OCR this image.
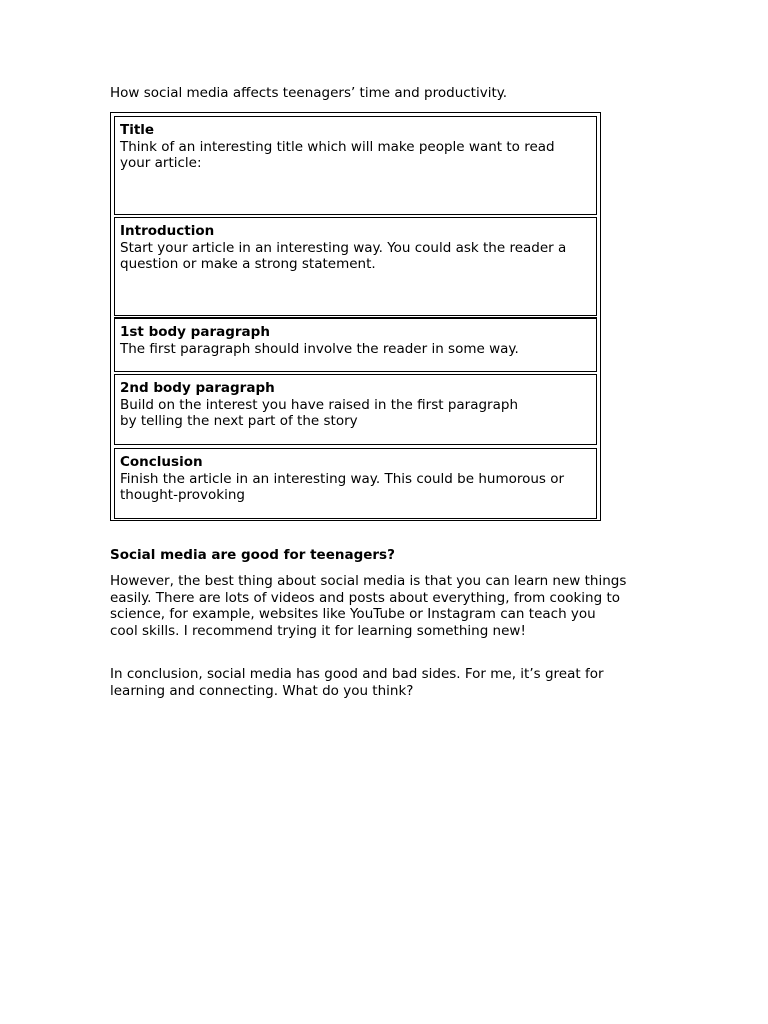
How social media affects teenagers’ time and productivity.
Title
Think of an interesting title which will make people want to read
your article:
Introduction
Start your article in an interesting way. You could ask the reader a
question or make a strong statement.
1st body paragraph
The first paragraph should involve the reader in some way.
2nd body paragraph
Build on the interest you have raised in the first paragraph
by telling the next part of the story
Conclusion
Finish the article in an interesting way. This could be humorous or
thought-provoking
Social media are good for teenagers?
However, the best thing about social media is that you can learn new things
easily. There are lots of videos and posts about everything, from cooking to
science, for example, websites like YouTube or Instagram can teach you
cool skills. I recommend trying it for learning something new!
In conclusion, social media has good and bad sides. For me, it’s great for
learning and connecting. What do you think?
